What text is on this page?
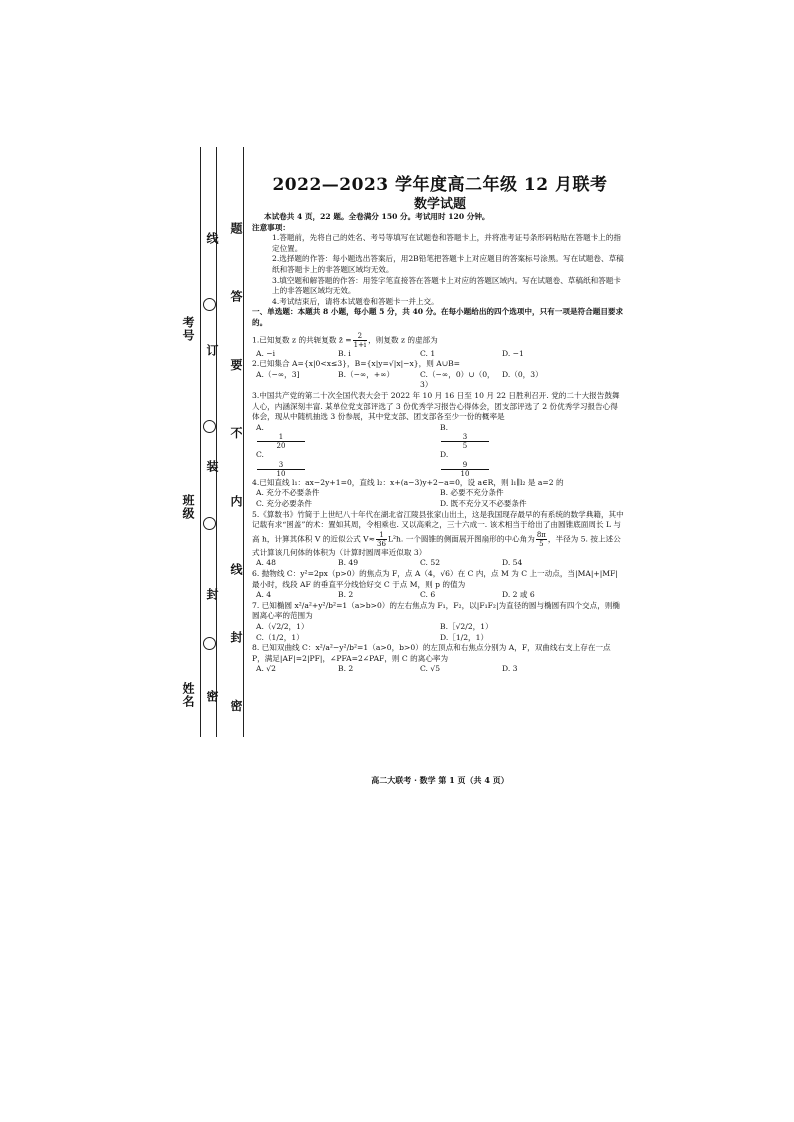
考号
班级
姓名
线
订
装
封
密 题 答 要 不 内 线 封 密
2022—2023 学年度高二年级 12 月联考
数学试题

本试卷共 4 页，22 题。全卷满分 150 分。考试用时 120 分钟。

注意事项：

1.答题前，先将自己的姓名、考号等填写在试题卷和答题卡上，并将准考证号条形码粘贴在答题卡上的指定位置。

2.选择题的作答：每小题选出答案后，用2B铅笔把答题卡上对应题目的答案标号涂黑。写在试题卷、草稿纸和答题卡上的非答题区域均无效。

3.填空题和解答题的作答：用签字笔直接答在答题卡上对应的答题区域内。写在试题卷、草稿纸和答题卡上的非答题区域均无效。

4.考试结束后，请将本试题卷和答题卡一并上交。

一、单选题：本题共 8 小题，每小题 5 分，共 40 分。在每小题给出的四个选项中，只有一项是符合题目要求的。

1.已知复数 z 的共轭复数 z̄ = $\frac{2}{1+i}$ ，则复数 z 的虚部为

A. −i	B. i	C. 1	D. −1

2.已知集合 A={x|0<x≤3}，B={x|y=√|x|−x}，则 A∪B=

A.（−∞，3]	B.（−∞，+∞）	C.（−∞，0）∪（0，3）
D.（0，3）

3.中国共产党的第二十次全国代表大会于 2022 年 10 月 16 日至 10 月 22 日胜利召开. 党的二十大报告鼓舞人心，内涵深刻丰富. 某单位党支部评选了 3 份优秀学习报告心得体会，团支部评选了 2 份优秀学习报告心得体会，现从中随机抽选 3 份参展，其中党支部、团支部各至少一份的概率是

A.
$\frac{1}{20}$
B.
$\frac{3}{5}$
C.
$\frac{3}{10}$
D.
$\frac{9}{10}$

4.已知直线 l₁：ax−2y+1=0，直线 l₂：x+(a−3)y+2−a=0，设 a∈R，则 l₁∥l₂ 是 a=2 的

A. 充分不必要条件	B. 必要不充分条件
C. 充分必要条件	D. 既不充分又不必要条件

5.《算数书》竹简于上世纪八十年代在湖北省江陵县张家山出土，这是我国现存最早的有系统的数学典籍，其中记载有求“囷盖”的术：置如其周，令相乘也. 又以高乘之，三十六成一. 该术相当于给出了由圆锥底面周长 L 与高 h，计算其体积 V 的近似公式 $V\approx \frac{1}{36} L^2h$. 一个圆锥的侧面展开图扇形的中心角为 $\frac{8\pi}{5}$ ，半径为 5. 按上述公式计算该几何体的体积为（计算时圆周率近似取 3）

A. 48	B. 49	C. 52	D. 54

6. 抛物线 C：y²=2px（p>0）的焦点为 F，点 A（4，√6）在 C 内，点 M 为 C 上一动点，当|MA|+|MF|最小时，线段 AF 的垂直平分线恰好交 C 于点 M，则 p 的值为

A. 4	B. 2	C. 6	D. 2 或 6

7. 已知椭圆 x²/a²+y²/b²=1（a>b>0）的左右焦点为 F₁，F₂，以|F₁F₂|为直径的圆与椭圆有四个交点，则椭圆离心率的范围为

A.（√2/2，1）	B.［√2/2，1）
C.（1/2，1）	D.［1/2，1）

8. 已知双曲线 C：x²/a²−y²/b²=1（a>0，b>0）的左顶点和右焦点分别为 A，F，双曲线右支上存在一点 P，满足|AF|=2|PF|，∠PFA=2∠PAF，则 C 的离心率为

A. √2	B. 2	C. √5	D. 3
高二大联考 · 数学 第 1 页（共 4 页）
